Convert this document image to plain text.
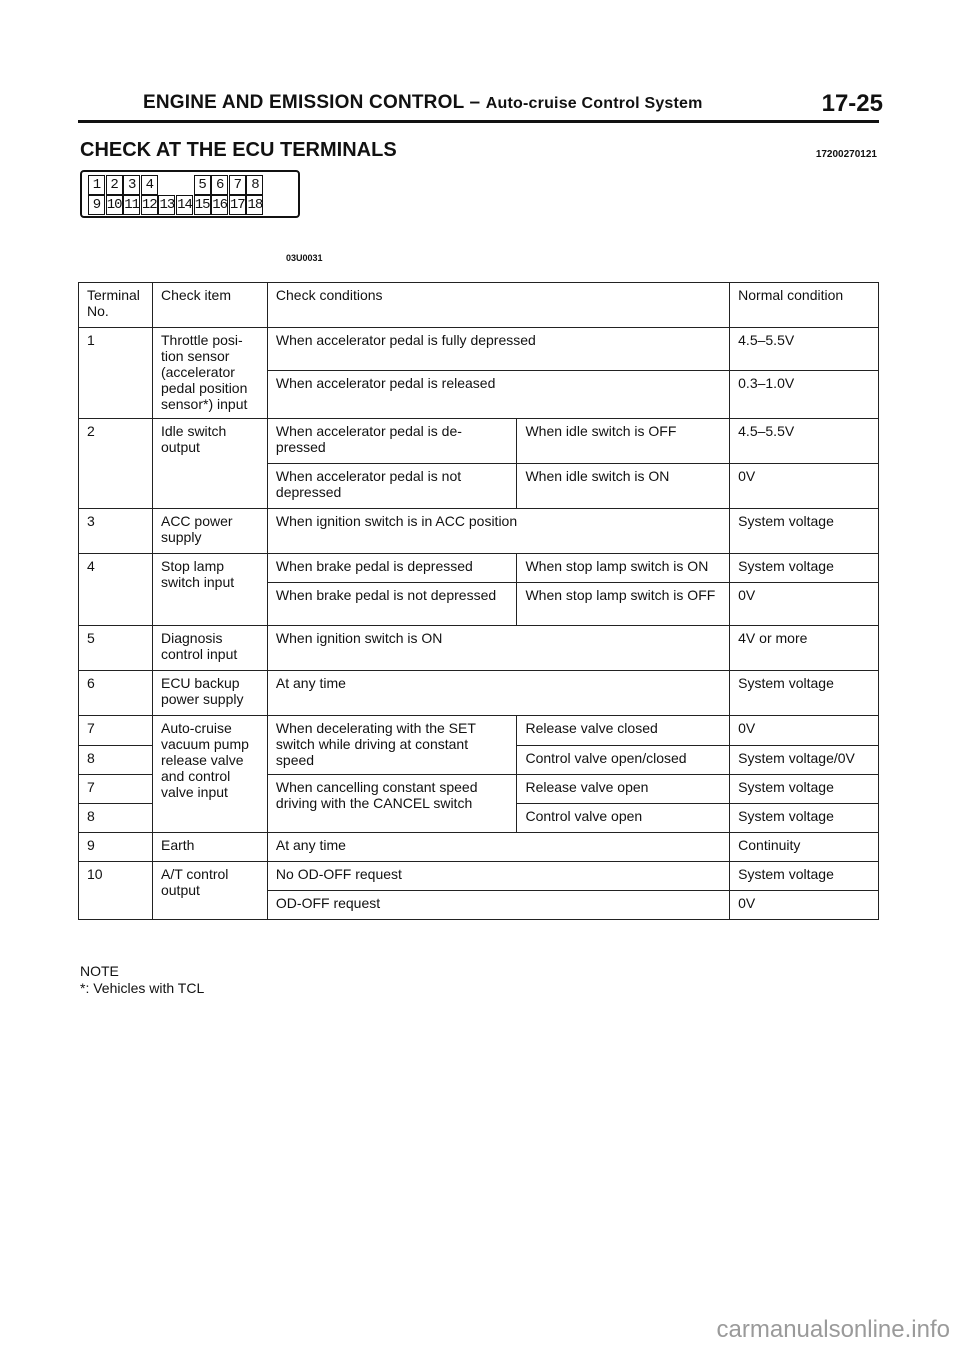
ENGINE AND EMISSION CONTROL – Auto-cruise Control System	17-25
CHECK AT THE ECU TERMINALS	17200270121
1 2 3 4	5 6 7 8
9 10 11 12 13 14 15 16 17 18
03U0031
Terminal No.	Check item	Check conditions		Normal condition
1	Throttle posi- tion sensor (accelerator pedal position sensor*) input	When accelerator pedal is fully depressed		4.5–5.5V
		When accelerator pedal is released		0.3–1.0V
2	Idle switch output	When accelerator pedal is de- pressed	When idle switch is OFF	4.5–5.5V
		When accelerator pedal is not depressed	When idle switch is ON	0V
3	ACC power supply	When ignition switch is in ACC position		System voltage
4	Stop lamp switch input	When brake pedal is depressed	When stop lamp switch is ON	System voltage
		When brake pedal is not depressed	When stop lamp switch is OFF	0V
5	Diagnosis control input	When ignition switch is ON		4V or more
6	ECU backup power supply	At any time		System voltage
7	Auto-cruise vacuum pump release valve and control valve input	When decelerating with the SET switch while driving at constant speed	Release valve closed	0V
8			Control valve open/closed	System voltage/0V
7		When cancelling constant speed driving with the CANCEL switch	Release valve open	System voltage
8			Control valve open	System voltage
9	Earth	At any time		Continuity
10	A/T control output	No OD-OFF request		System voltage
		OD-OFF request		0V
NOTE
*: Vehicles with TCL
carmanualsonline.info
